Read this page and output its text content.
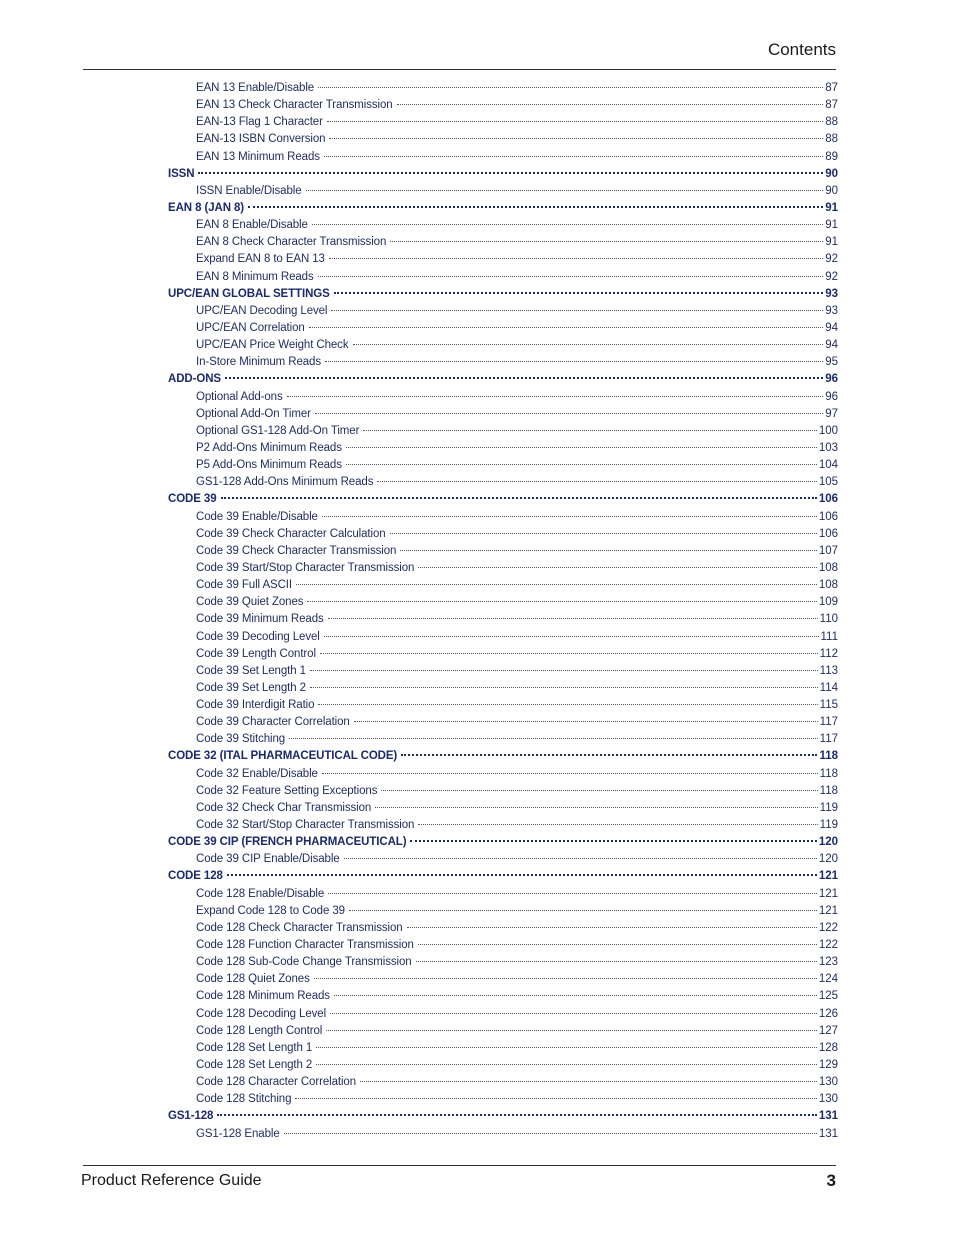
Contents
EAN 13 Enable/Disable	87
EAN 13 Check Character Transmission	87
EAN-13 Flag 1 Character	88
EAN-13 ISBN Conversion	88
EAN 13 Minimum Reads	89
ISSN	90
ISSN Enable/Disable	90
EAN 8 (JAN 8)	91
EAN 8 Enable/Disable	91
EAN 8 Check Character Transmission	91
Expand EAN 8 to EAN 13	92
EAN 8 Minimum Reads	92
UPC/EAN GLOBAL SETTINGS	93
UPC/EAN Decoding Level	93
UPC/EAN Correlation	94
UPC/EAN Price Weight Check	94
In-Store Minimum Reads	95
ADD-ONS	96
Optional Add-ons	96
Optional Add-On Timer	97
Optional GS1-128 Add-On Timer	100
P2 Add-Ons Minimum Reads	103
P5 Add-Ons Minimum Reads	104
GS1-128 Add-Ons Minimum Reads	105
CODE 39	106
Code 39 Enable/Disable	106
Code 39 Check Character Calculation	106
Code 39 Check Character Transmission	107
Code 39 Start/Stop Character Transmission	108
Code 39 Full ASCII	108
Code 39 Quiet Zones	109
Code 39 Minimum Reads	110
Code 39 Decoding Level	111
Code 39 Length Control	112
Code 39 Set Length 1	113
Code 39 Set Length 2	114
Code 39 Interdigit Ratio	115
Code 39 Character Correlation	117
Code 39 Stitching	117
CODE 32 (ITAL PHARMACEUTICAL CODE)	118
Code 32 Enable/Disable	118
Code 32 Feature Setting Exceptions	118
Code 32 Check Char Transmission	119
Code 32 Start/Stop Character Transmission	119
CODE 39 CIP (FRENCH PHARMACEUTICAL)	120
Code 39 CIP Enable/Disable	120
CODE 128	121
Code 128 Enable/Disable	121
Expand Code 128 to Code 39	121
Code 128 Check Character Transmission	122
Code 128 Function Character Transmission	122
Code 128 Sub-Code Change Transmission	123
Code 128 Quiet Zones	124
Code 128 Minimum Reads	125
Code 128 Decoding Level	126
Code 128 Length Control	127
Code 128 Set Length 1	128
Code 128 Set Length 2	129
Code 128 Character Correlation	130
Code 128 Stitching	130
GS1-128	131
GS1-128 Enable	131
Product Reference Guide	3
